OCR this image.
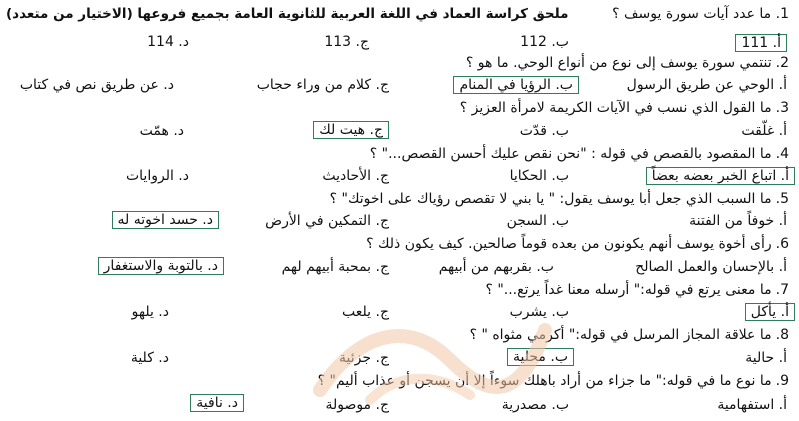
1. ما عدد آيات سورة يوسف ؟
ملحق كراسة العماد في اللغة العربية للثانوية العامة بجميع فروعها (الاختيار من متعدد)
أ. 111
ب. 112
ج. 113
د. 114
2.تنتمي سورة يوسف إلى نوع من أنواع الوحي. ما هو ؟
أ. الوحي عن طريق الرسول
ب. الرؤيا في المنام
ج. كلام من وراء حجاب
د. عن طريق نص في كتاب
3.ما القول الذي نسب في الآيات الكريمة لامرأة العزيز ؟
أ. غلّقت
ب. قدّت
ج. هيت لك
د. همّت
4.ما المقصود بالقصص في قوله : "نحن نقص عليك أحسن القصص..." ؟
أ. اتباع الخبر بعضه بعضاً
ب. الحكايا
ج. الأحاديث
د. الروايات
5.ما السبب الذي جعل أبا يوسف يقول: " يا بني لا تقصص رؤياك على اخوتك" ؟
أ. خوفاً من الفتنة
ب. السجن
ج. التمكين في الأرض
د. حسد اخوته له
6.رأى أخوة يوسف أنهم يكونون من بعده قوماً صالحين. كيف يكون ذلك ؟
أ. بالإحسان والعمل الصالح
ب. بقربهم من أبيهم
ج. بمحبة أبيهم لهم
د. بالتوبة والاستغفار
7.ما معنى يرتع في قوله:" أرسله معنا غداً يرتع..." ؟
أ. يأكل
ب. يشرب
ج. يلعب
د. يلهو
8.ما علاقة المجاز المرسل في قوله:" أكرمي مثواه " ؟
أ. حالية
ب. محلية
ج. جزئية
د. كلية
9.ما نوع ما في قوله:" ما جزاء من أراد باهلك سوءاً إلا أن يسجن أو عذاب أليم" ؟
أ. استفهامية
ب. مصدرية
ج. موصولة
د. نافية
